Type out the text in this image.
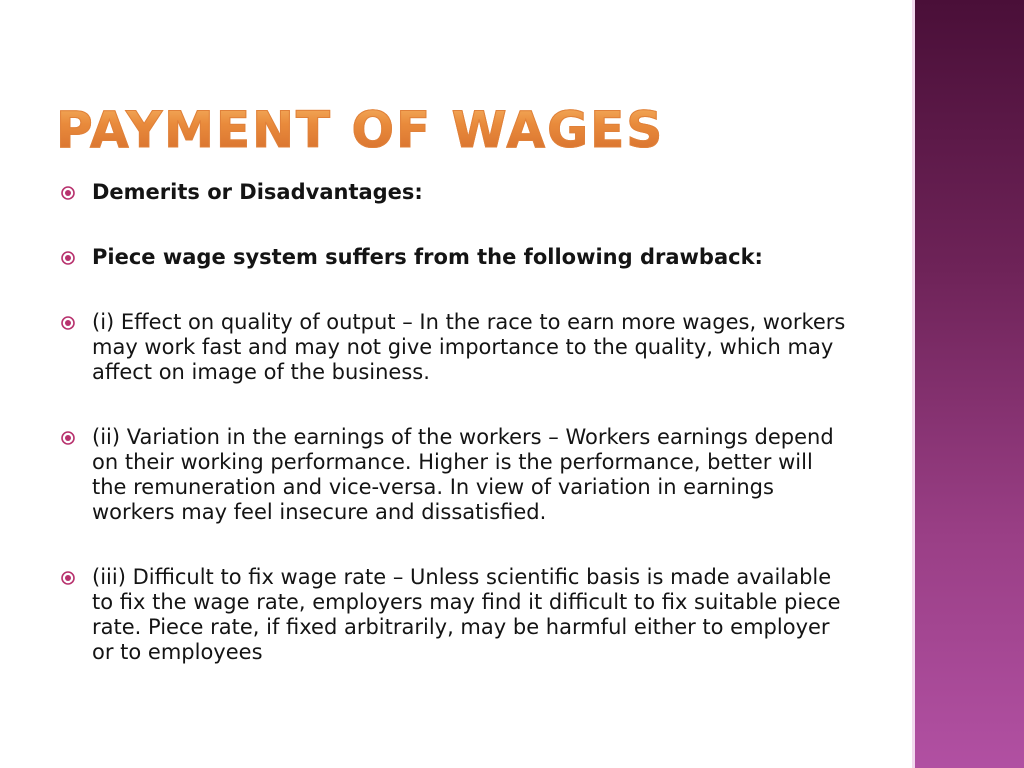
PAYMENT OF WAGES
Demerits or Disadvantages:
Piece wage system suffers from the following drawback:
(i) Effect on quality of output – In the race to earn more wages, workers may work fast and may not give importance to the quality, which may affect on image of the business.
(ii) Variation in the earnings of the workers – Workers earnings depend on their working performance. Higher is the performance, better will the remuneration and vice-versa. In view of variation in earnings workers may feel insecure and dissatisfied.
(iii) Difficult to fix wage rate – Unless scientific basis is made available to fix the wage rate, employers may find it difficult to fix suitable piece rate. Piece rate, if fixed arbitrarily, may be harmful either to employer or to employees
